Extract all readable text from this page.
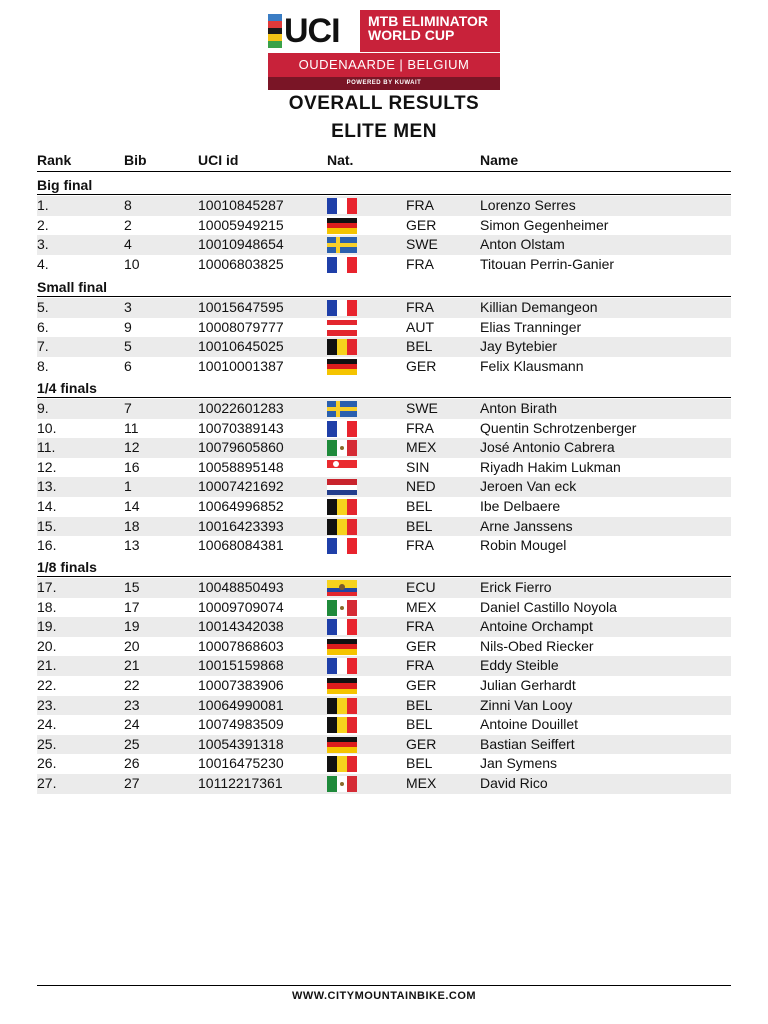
UCI MTB ELIMINATOR
WORLD CUP
OUDENAARDE | BELGIUM
POWERED BY KUWAIT
OVERALL RESULTS
ELITE MEN
Rank	Bib	UCI id	Nat.	Name
Big final
1.	8	10010845287	FRA	Lorenzo Serres
2.	2	10005949215	GER	Simon Gegenheimer
3.	4	10010948654	SWE	Anton Olstam
4.	10	10006803825	FRA	Titouan Perrin-Ganier
Small final
5.	3	10015647595	FRA	Killian Demangeon
6.	9	10008079777	AUT	Elias Tranninger
7.	5	10010645025	BEL	Jay Bytebier
8.	6	10010001387	GER	Felix Klausmann
1/4 finals
9.	7	10022601283	SWE	Anton Birath
10.	11	10070389143	FRA	Quentin Schrotzenberger
11.	12	10079605860	MEX	José Antonio Cabrera
12.	16	10058895148	SIN	Riyadh Hakim Lukman
13.	1	10007421692	NED	Jeroen Van eck
14.	14	10064996852	BEL	Ibe Delbaere
15.	18	10016423393	BEL	Arne Janssens
16.	13	10068084381	FRA	Robin Mougel
1/8 finals
17.	15	10048850493	ECU	Erick Fierro
18.	17	10009709074	MEX	Daniel Castillo Noyola
19.	19	10014342038	FRA	Antoine Orchampt
20.	20	10007868603	GER	Nils-Obed Riecker
21.	21	10015159868	FRA	Eddy Steible
22.	22	10007383906	GER	Julian Gerhardt
23.	23	10064990081	BEL	Zinni Van Looy
24.	24	10074983509	BEL	Antoine Douillet
25.	25	10054391318	GER	Bastian Seiffert
26.	26	10016475230	BEL	Jan Symens
27.	27	10112217361	MEX	David Rico
WWW.CITYMOUNTAINBIKE.COM
